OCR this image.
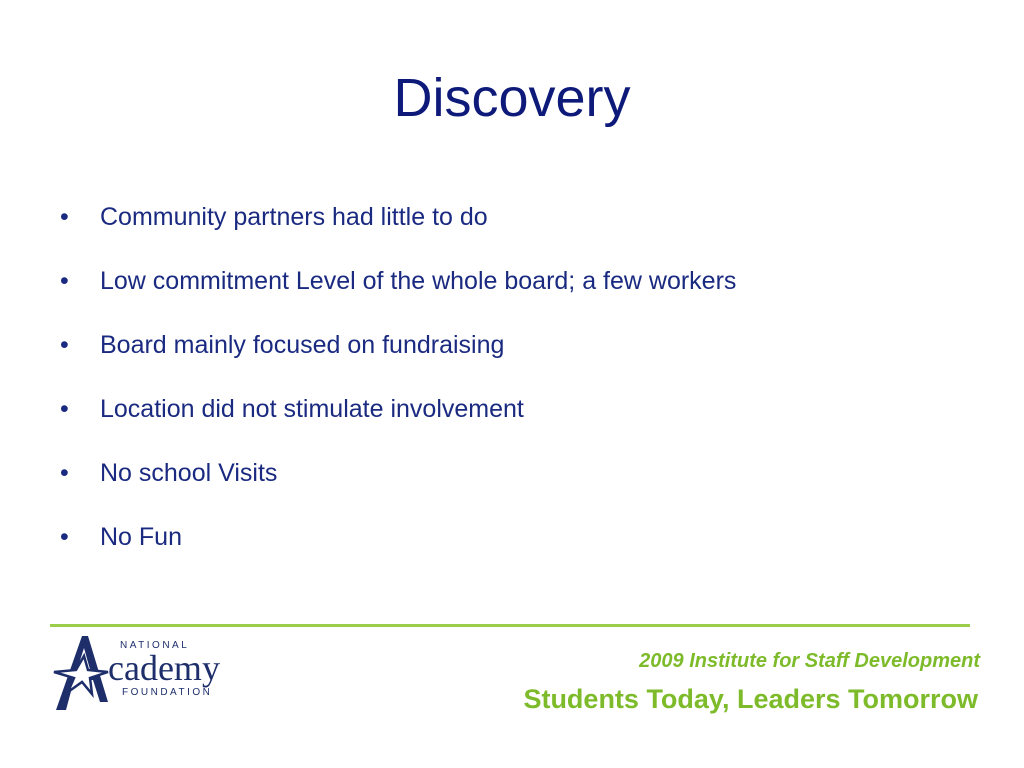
Discovery
• Community partners had little to do
• Low commitment Level of the whole board; a few workers
• Board mainly focused on fundraising
• Location did not stimulate involvement
• No school Visits
• No Fun
NATIONAL
cademy
FOUNDATION
2009 Institute for Staff Development
Students Today, Leaders Tomorrow
